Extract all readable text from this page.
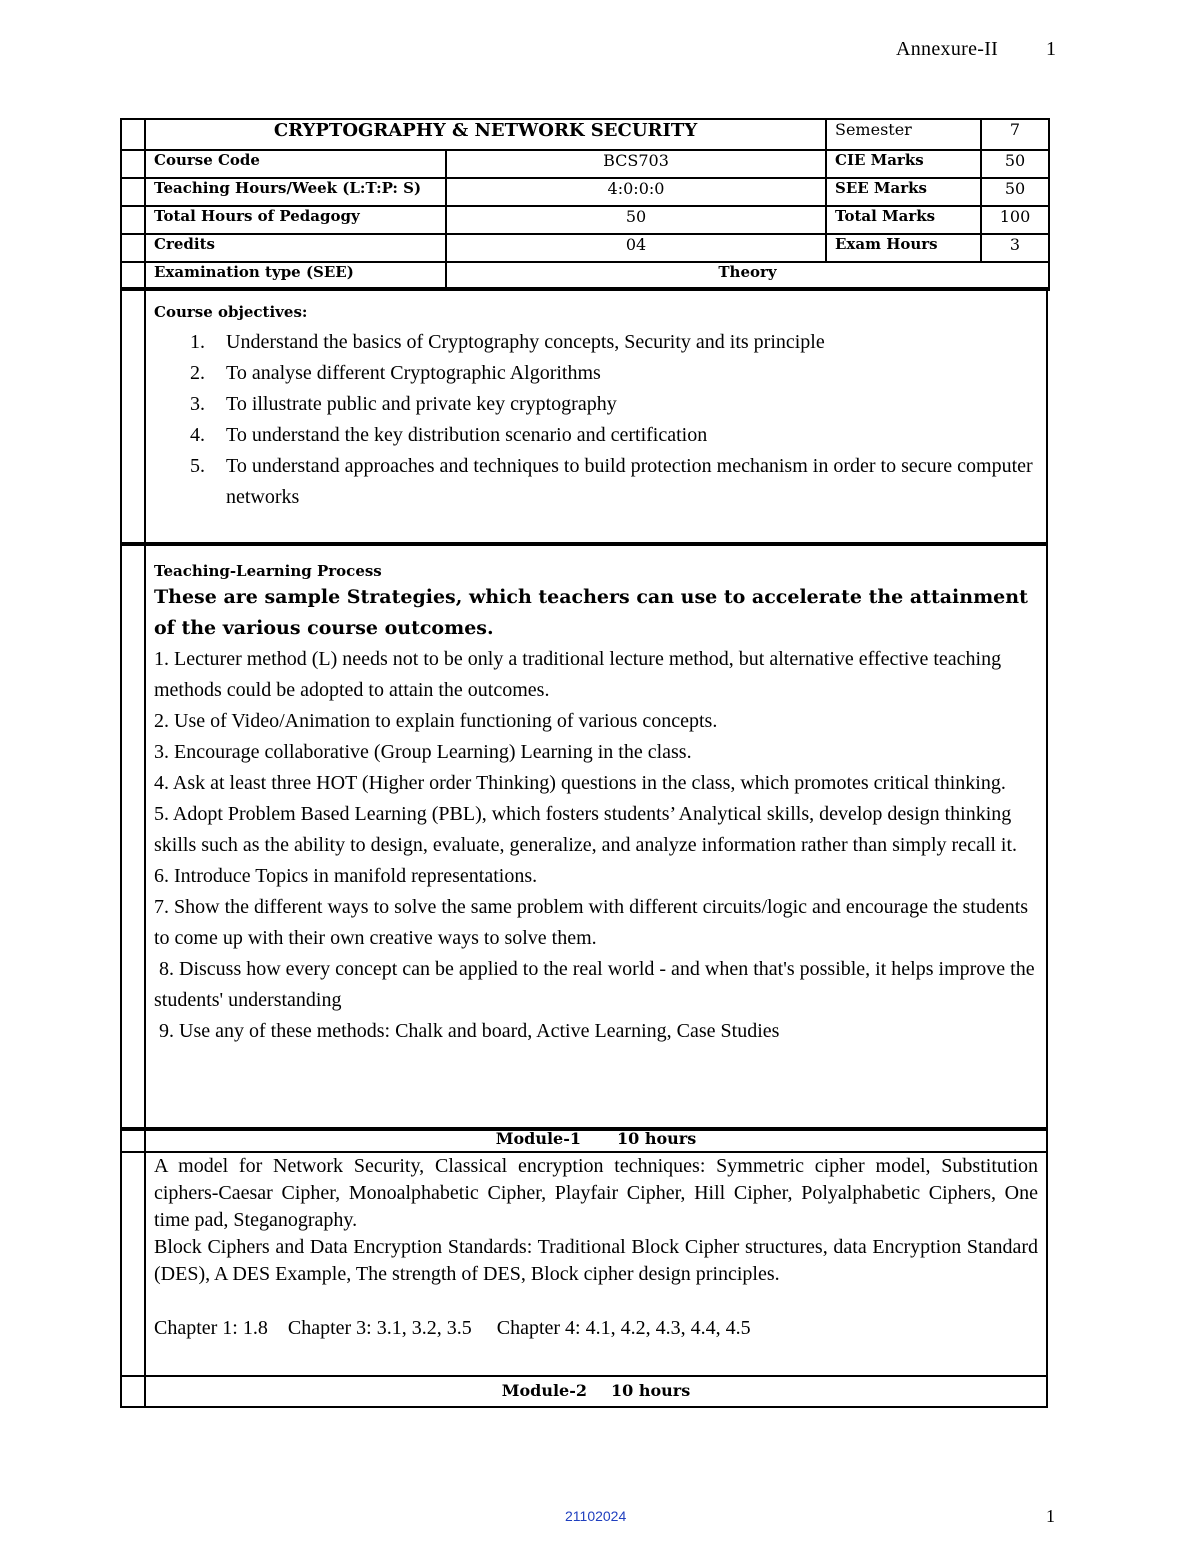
Annexure-II 1
	CRYPTOGRAPHY & NETWORK SECURITY		Semester	7
	Course Code	BCS703	CIE Marks	50
	Teaching Hours/Week (L:T:P: S)	4:0:0:0	SEE Marks	50
	Total Hours of Pedagogy	50	Total Marks	100
	Credits	04	Exam Hours	3
	Examination type (SEE)	Theory		

Course objectives:
1. Understand the basics of Cryptography concepts, Security and its principle
2. To analyse different Cryptographic Algorithms
3. To illustrate public and private key cryptography
4. To understand the key distribution scenario and certification
5. To understand approaches and techniques to build protection mechanism in order to secure computer networks

Teaching-Learning Process
These are sample Strategies, which teachers can use to accelerate the attainment of the various course outcomes.
1. Lecturer method (L) needs not to be only a traditional lecture method, but alternative effective teaching methods could be adopted to attain the outcomes.
2. Use of Video/Animation to explain functioning of various concepts.
3. Encourage collaborative (Group Learning) Learning in the class.
4. Ask at least three HOT (Higher order Thinking) questions in the class, which promotes critical thinking.
5. Adopt Problem Based Learning (PBL), which fosters students’ Analytical skills, develop design thinking skills such as the ability to design, evaluate, generalize, and analyze information rather than simply recall it.
6. Introduce Topics in manifold representations.
7. Show the different ways to solve the same problem with different circuits/logic and encourage the students to come up with their own creative ways to solve them.
8. Discuss how every concept can be applied to the real world - and when that's possible, it helps improve the students' understanding
9. Use any of these methods: Chalk and board, Active Learning, Case Studies
	Module-1 10 hours

	A model for Network Security, Classical encryption techniques: Symmetric cipher model, Substitution ciphers-Caesar Cipher, Monoalphabetic Cipher, Playfair Cipher, Hill Cipher, Polyalphabetic Ciphers, One time pad, Steganography.

Block Ciphers and Data Encryption Standards: Traditional Block Cipher structures, data Encryption Standard (DES), A DES Example, The strength of DES, Block cipher design principles.

Chapter 1: 1.8    Chapter 3: 3.1, 3.2, 3.5     Chapter 4: 4.1, 4.2, 4.3, 4.4, 4.5

	Module-2 10 hours
21102024	1
